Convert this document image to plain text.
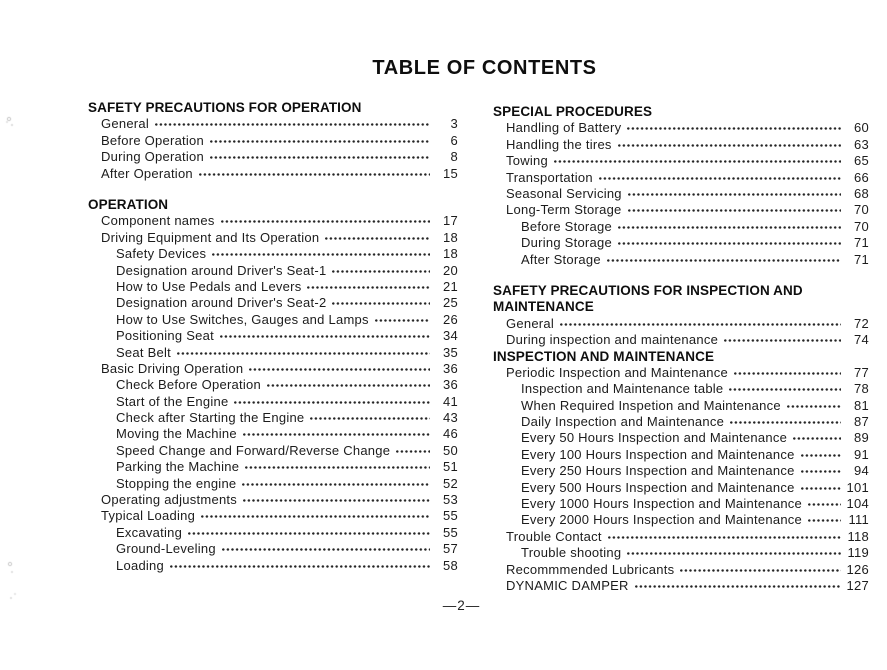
TABLE OF CONTENTS
SAFETY PRECAUTIONS FOR OPERATION
General	3
Before Operation	6
During Operation	8
After Operation	15
OPERATION
Component names	17
Driving Equipment and Its Operation	18
Safety Devices	18
Designation around Driver's Seat-1	20
How to Use Pedals and Levers	21
Designation around Driver's Seat-2	25
How to Use Switches, Gauges and Lamps	26
Positioning Seat	34
Seat Belt	35
Basic Driving Operation	36
Check Before Operation	36
Start of the Engine	41
Check after Starting the Engine	43
Moving the Machine	46
Speed Change and Forward/Reverse Change	50
Parking the Machine	51
Stopping the engine	52
Operating adjustments	53
Typical Loading	55
Excavating	55
Ground-Leveling	57
Loading	58
SPECIAL PROCEDURES
Handling of Battery	60
Handling the tires	63
Towing	65
Transportation	66
Seasonal Servicing	68
Long-Term Storage	70
Before Storage	70
During Storage	71
After Storage	71
SAFETY PRECAUTIONS FOR INSPECTION AND MAINTENANCE
General	72
During inspection and maintenance	74
INSPECTION AND MAINTENANCE
Periodic Inspection and Maintenance	77
Inspection and Maintenance table	78
When Required Inspetion and Maintenance	81
Daily Inspection and Maintenance	87
Every 50 Hours Inspection and Maintenance	89
Every 100 Hours Inspection and Maintenance	91
Every 250 Hours Inspection and Maintenance	94
Every 500 Hours Inspection and Maintenance	101
Every 1000 Hours Inspection and Maintenance	104
Every 2000 Hours Inspection and Maintenance	111
Trouble Contact	118
Trouble shooting	119
Recommmended Lubricants	126
DYNAMIC DAMPER	127
—2—
